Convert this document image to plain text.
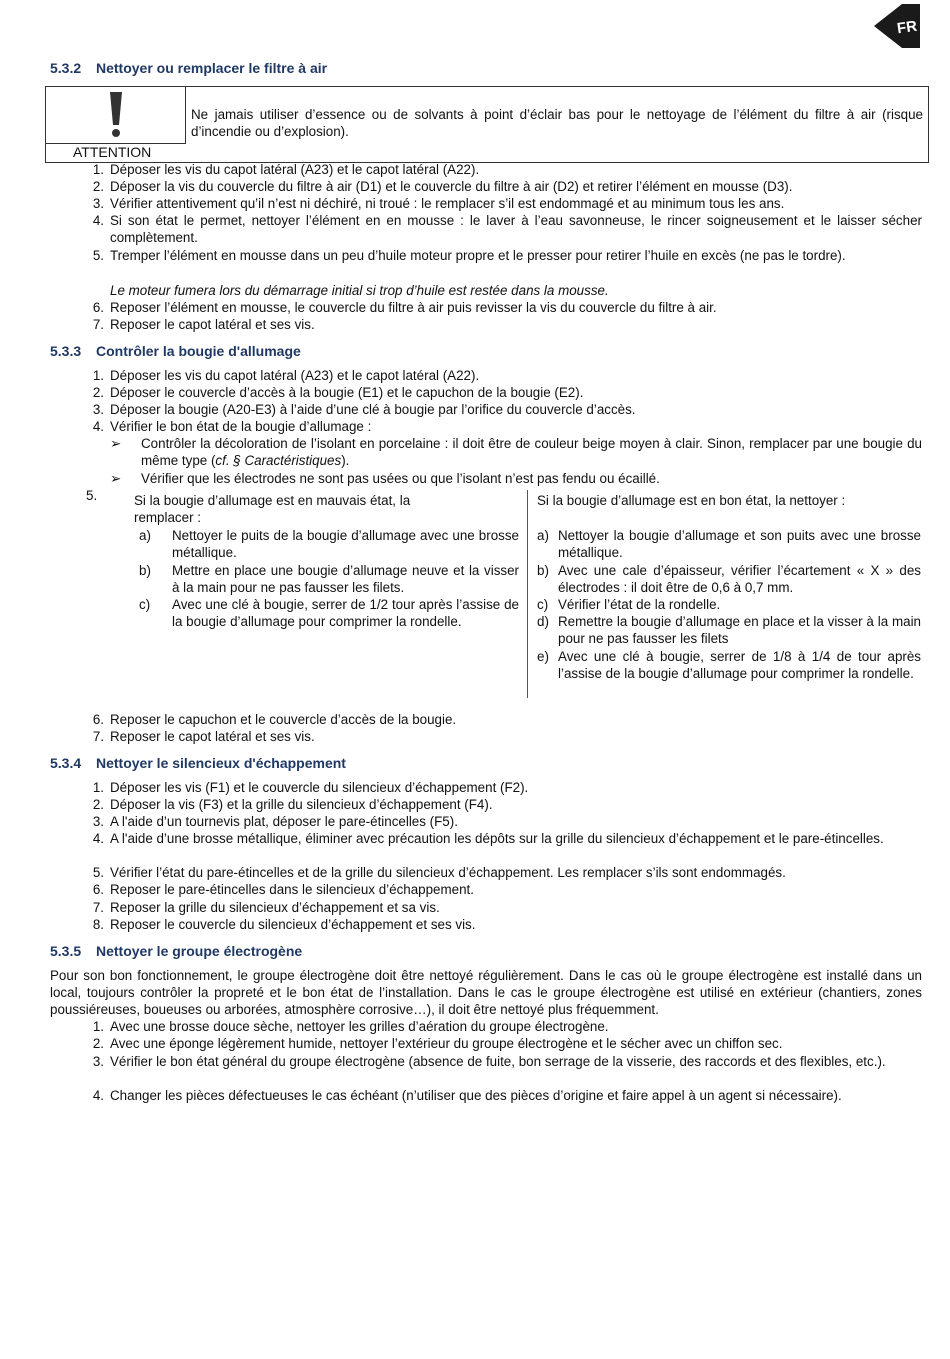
FR
5.3.2 Nettoyer ou remplacer le filtre à air
ATTENTION
Ne jamais utiliser d’essence ou de solvants à point d’éclair bas pour le nettoyage de l’élément du filtre à air (risque d’incendie ou d’explosion).
1. Déposer les vis du capot latéral (A23) et le capot latéral (A22).
2. Déposer la vis du couvercle du filtre à air (D1) et le couvercle du filtre à air (D2) et retirer l’élément en mousse (D3).
3. Vérifier attentivement qu’il n’est ni déchiré, ni troué : le remplacer s’il est endommagé et au minimum tous les ans.
4. Si son état le permet, nettoyer l’élément en en mousse : le laver à l’eau savonneuse, le rincer soigneusement et le laisser sécher complètement.
5. Tremper l’élément en mousse dans un peu d’huile moteur propre et le presser pour retirer l’huile en excès (ne pas le tordre).
Le moteur fumera lors du démarrage initial si trop d’huile est restée dans la mousse.
6. Reposer l’élément en mousse, le couvercle du filtre à air puis revisser la vis du couvercle du filtre à air.
7. Reposer le capot latéral et ses vis.
5.3.3 Contrôler la bougie d'allumage
1. Déposer les vis du capot latéral (A23) et le capot latéral (A22).
2. Déposer le couvercle d’accès à la bougie (E1) et le capuchon de la bougie (E2).
3. Déposer la bougie (A20-E3) à l’aide d’une clé à bougie par l’orifice du couvercle d’accès.
4. Vérifier le bon état de la bougie d’allumage :
➢	Contrôler la décoloration de l’isolant en porcelaine : il doit être de couleur beige moyen à clair. Sinon, remplacer par une bougie du même type (cf. § Caractéristiques).
➢	Vérifier que les électrodes ne sont pas usées ou que l’isolant n’est pas fendu ou écaillé.
5.	Si la bougie d’allumage est en mauvais état, la remplacer :
a) Nettoyer le puits de la bougie d’allumage avec une brosse métallique.
b) Mettre en place une bougie d’allumage neuve et la visser à la main pour ne pas fausser les filets.
c) Avec une clé à bougie, serrer de 1/2 tour après l’assise de la bougie d’allumage pour comprimer la rondelle.
Si la bougie d’allumage est en bon état, la nettoyer :
a) Nettoyer la bougie d’allumage et son puits avec une brosse métallique.
b) Avec une cale d’épaisseur, vérifier l’écartement « X » des électrodes : il doit être de 0,6 à 0,7 mm.
c) Vérifier l’état de la rondelle.
d) Remettre la bougie d’allumage en place et la visser à la main pour ne pas fausser les filets
e) Avec une clé à bougie, serrer de 1/8 à 1/4 de tour après l’assise de la bougie d’allumage pour comprimer la rondelle.
6. Reposer le capuchon et le couvercle d’accès de la bougie.
7. Reposer le capot latéral et ses vis.
5.3.4 Nettoyer le silencieux d'échappement
1. Déposer les vis (F1) et le couvercle du silencieux d’échappement (F2).
2. Déposer la vis (F3) et la grille du silencieux d’échappement (F4).
3. A l'aide d’un tournevis plat, déposer le pare-étincelles (F5).
4. A l'aide d’une brosse métallique, éliminer avec précaution les dépôts sur la grille du silencieux d’échappement et le pare-étincelles.
5. Vérifier l’état du pare-étincelles et de la grille du silencieux d’échappement. Les remplacer s’ils sont endommagés.
6. Reposer le pare-étincelles dans le silencieux d’échappement.
7. Reposer la grille du silencieux d’échappement et sa vis.
8. Reposer le couvercle du silencieux d’échappement et ses vis.
5.3.5 Nettoyer le groupe électrogène
Pour son bon fonctionnement, le groupe électrogène doit être nettoyé régulièrement. Dans le cas où le groupe électrogène est installé dans un local, toujours contrôler la propreté et le bon état de l’installation. Dans le cas le groupe électrogène est utilisé en extérieur (chantiers, zones poussiéreuses, boueuses ou arborées, atmosphère corrosive…), il doit être nettoyé plus fréquemment.
1. Avec une brosse douce sèche, nettoyer les grilles d’aération du groupe électrogène.
2. Avec une éponge légèrement humide, nettoyer l’extérieur du groupe électrogène et le sécher avec un chiffon sec.
3. Vérifier le bon état général du groupe électrogène (absence de fuite, bon serrage de la visserie, des raccords et des flexibles, etc.).
4. Changer les pièces défectueuses le cas échéant (n’utiliser que des pièces d’origine et faire appel à un agent si nécessaire).
